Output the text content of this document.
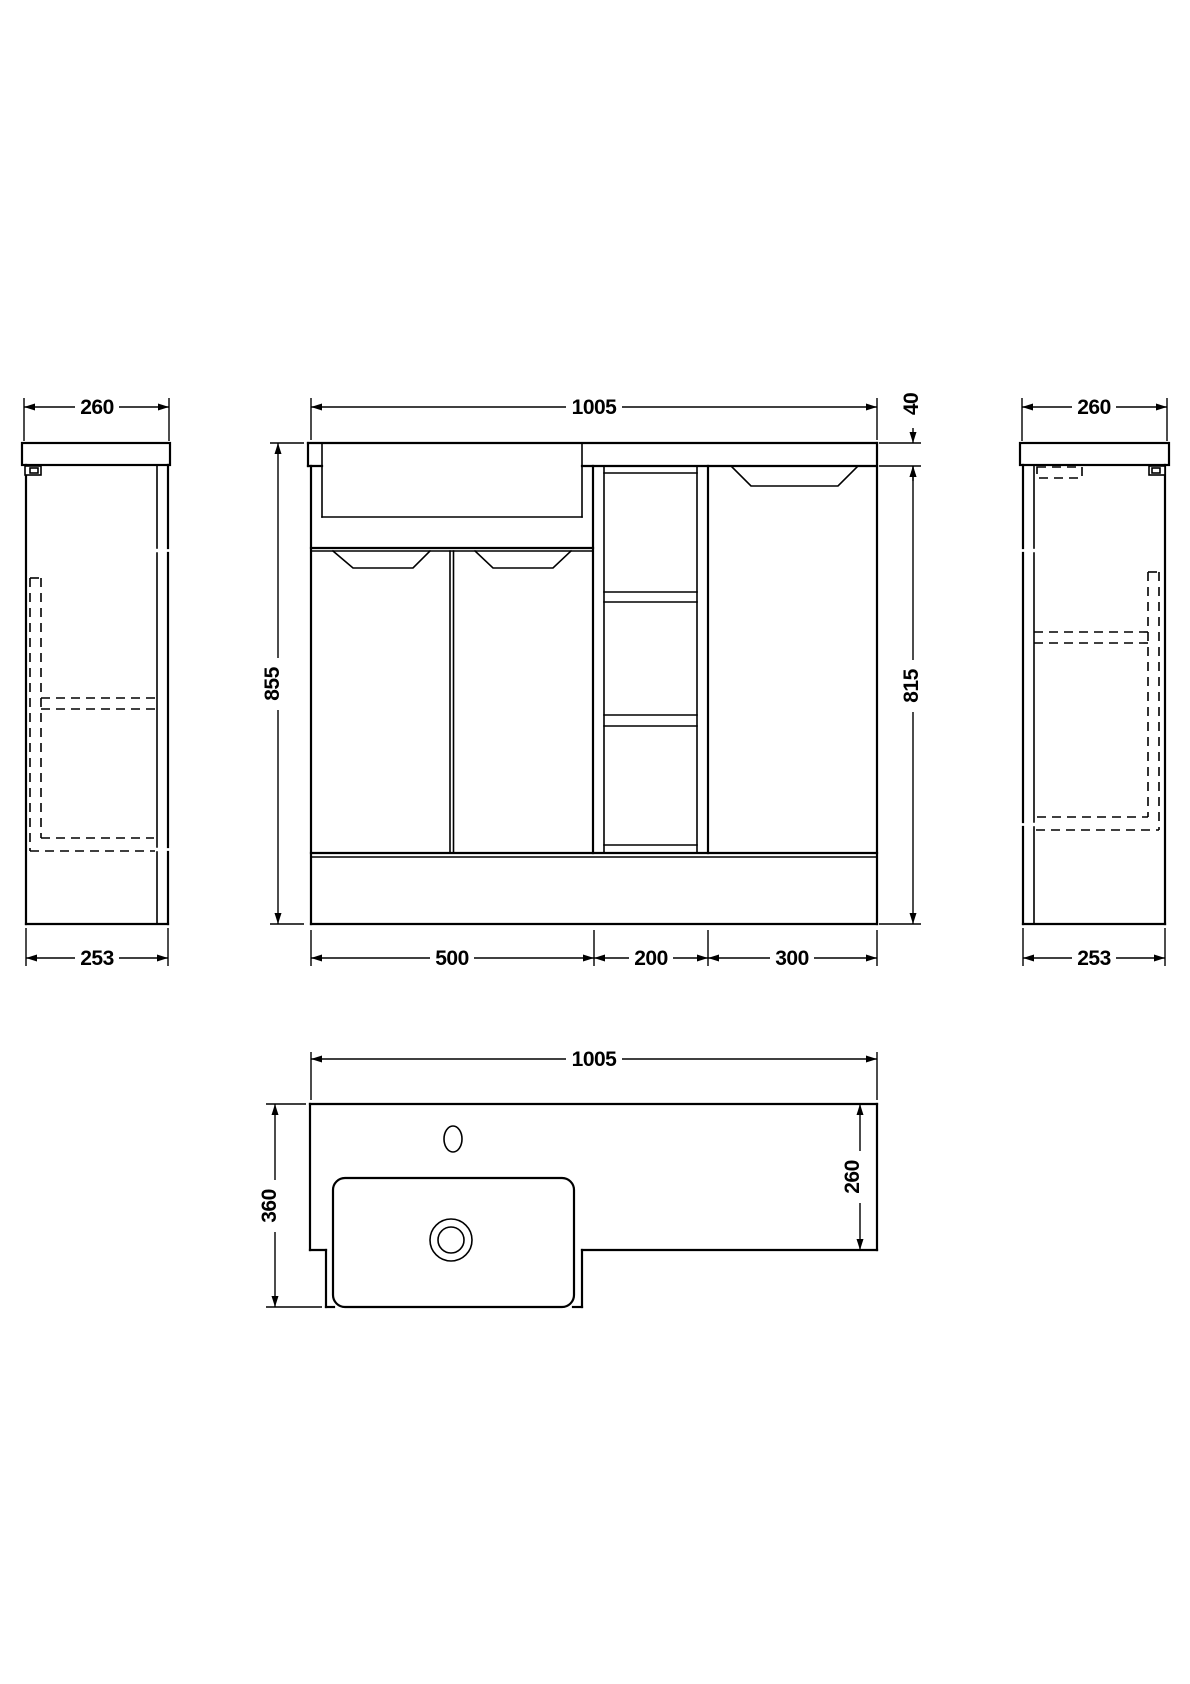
260
253
1005
855
40
815
500	200	300
260
253
1005
360
260
